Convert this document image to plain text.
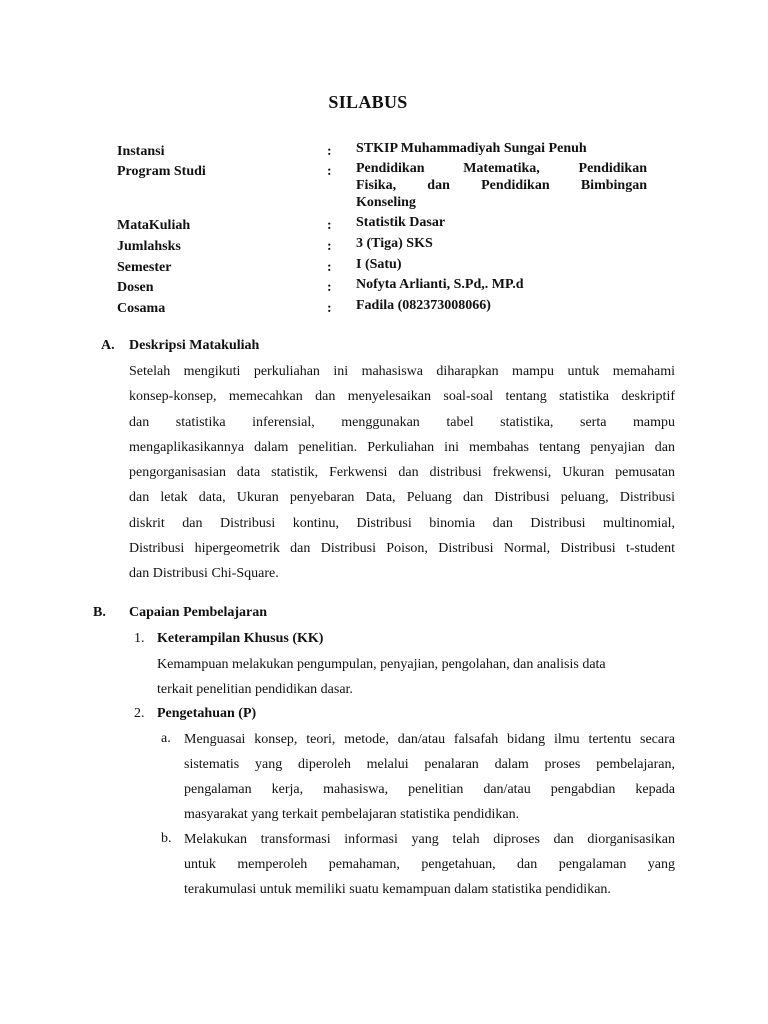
SILABUS
Instansi	: STKIP Muhammadiyah Sungai Penuh
Program Studi	: Pendidikan Matematika, Pendidikan
Fisika, dan Pendidikan Bimbingan
Konseling
MataKuliah	: Statistik Dasar
Jumlahsks	: 3 (Tiga) SKS
Semester	: I (Satu)
Dosen	: Nofyta Arlianti, S.Pd,. MP.d
Cosama	: Fadila (082373008066)
A. Deskripsi Matakuliah
Setelah mengikuti perkuliahan ini mahasiswa diharapkan mampu untuk memahami
konsep-konsep, memecahkan dan menyelesaikan soal-soal tentang statistika deskriptif
dan statistika inferensial, menggunakan tabel statistika, serta mampu
mengaplikasikannya dalam penelitian. Perkuliahan ini membahas tentang penyajian dan
pengorganisasian data statistik, Ferkwensi dan distribusi frekwensi, Ukuran pemusatan
dan letak data, Ukuran penyebaran Data, Peluang dan Distribusi peluang, Distribusi
diskrit dan Distribusi kontinu, Distribusi binomia dan Distribusi multinomial,
Distribusi hipergeometrik dan Distribusi Poison, Distribusi Normal, Distribusi t-student
dan Distribusi Chi-Square.
B. Capaian Pembelajaran
1. Keterampilan Khusus (KK)
Kemampuan melakukan pengumpulan, penyajian, pengolahan, dan analisis data
terkait penelitian pendidikan dasar.
2. Pengetahuan (P)
a. Menguasai konsep, teori, metode, dan/atau falsafah bidang ilmu tertentu secara
sistematis yang diperoleh melalui penalaran dalam proses pembelajaran,
pengalaman kerja, mahasiswa, penelitian dan/atau pengabdian kepada
masyarakat yang terkait pembelajaran statistika pendidikan.
b. Melakukan transformasi informasi yang telah diproses dan diorganisasikan
untuk memperoleh pemahaman, pengetahuan, dan pengalaman yang
terakumulasi untuk memiliki suatu kemampuan dalam statistika pendidikan.
